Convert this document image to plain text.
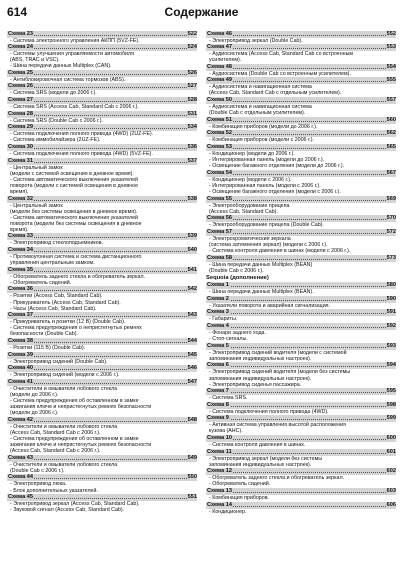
614	Содержание
Схема 23	522
- Система электронного управления АКПП (5VZ-FE).
Схема 24	524
- Системы улучшения управляемости автомобиля
(ABS, TRAC и VSC).
- Шина передачи данных Multiplex (CAN).
Схема 25	526
- Антиблокировочная система тормозов (ABS).
Схема 26	527
- Система SRS (модели до 2006 г.).
Схема 27	528
- Система SRS (Access Cab, Standard Cab с 2006 г.).
Схема 28	531
- Система SRS (Double Cab с 2006 г.).
Схема 29	534
- Система подключения полного привода (4WD) (2UZ-FE).
- Система иммобилайзера (2UZ-FE).
Схема 30	536
- Система подключения полного привода (4WD) (5VZ-FE).
Схема 31	537
- Центральный замок
(модели с системой освещения в дневное время).
- Система автоматического выключения указателей
поворота (модели с системой освещения в дневное
время).
Схема 32	538
- Центральный замок
(модели без системы освещения в дневное время).
- Система автоматического выключения указателей
поворота (модели без системы освещения в дневное
время).
Схема 33	539
- Электропривод стеклоподъемников.
Схема 34	540
- Противоугонная система и система дистанционного
управления центральным замком.
Схема 35	541
- Обогреватель заднего стекла и обогреватель зеркал.
- Обогреватель сидений.
Схема 36	542
- Розетки (Access Cab, Standard Cab).
- Прикуриватель (Access Cab, Standard Cab).
- Часы (Access Cab, Standard Cab).
Схема 37	543
- Прикуриватель и розетки (12 В) (Double Cab).
- Система предупреждения о непристегнутых ремнях
безопасности (Double Cab).
Схема 38	544
- Розетки (115 В) (Double Cab).
Схема 39	545
- Электропривод сидений (Double Cab).
Схема 40	546
- Электропривод сидений (модели с 2006 г.).
Схема 41	547
- Очистители и омыватели лобового стекла
(модели до 2006 г.).
- Система предупреждения об оставленном в замке
зажигания ключе и непристегнутых ремнях безопасности
(модели до 2006 г.).
Схема 42	548
- Очистители и омыватели лобового стекла
(Access Cab, Standard Cab с 2006 г.).
- Система предупреждения об оставленном в замке
зажигания ключе и непристегнутых ремнях безопасности
(Access Cab, Standard Cab с 2006 г.).
Схема 43	549
- Очистители и омыватели лобового стекла
(Double Cab с 2006 г.).
Схема 44	550
- Электропривод люка.
- Блок дополнительных указателей.
Схема 45	551
- Электропривод зеркал (Access Cab, Standard Cab).
- Звуковой сигнал (Access Cab, Standard Cab).
Схема 46	552
- Электропривод зеркал (Double Cab).
Схема 47	553
- Аудиосистема (Access Cab, Standard Cab со встроенным
усилителем).
Схема 48	554
- Аудиосистема (Double Cab со встроенным усилителем).
Схема 49	555
- Аудиосистема и навигационная система
(Access Cab, Standard Cab с отдельным усилителем).
Схема 50	557
- Аудиосистема и навигационная система
(Double Cab с отдельным усилителем).
Схема 51	560
- Комбинация приборов (модели до 2006 г.).
Схема 52	562
- Комбинация приборов (модели с 2006 г.).
Схема 53	565
- Кондиционер (модели до 2006 г.).
- Интегрированная панель (модели до 2006 г.).
- Освещение багажного отделения (модели до 2006 г.).
Схема 54	567
- Кондиционер (модели с 2006 г.).
- Интегрированная панель (модели с 2006 г.).
- Освещение багажного отделения (модели с 2006 г.).
Схема 55	569
- Электрооборудование прицепа
(Access Cab, Standard Cab).
Схема 56	570
- Электрооборудование прицепа (Double Cab).
Схема 57	572
- Электрохроматические зеркала
(система затемнения зеркал) (модели с 2006 г.).
- Система контроля давления в шинах (модели с 2006 г.).
Схема 58	573
- Шина передачи данных Multiplex (BEAN)
(Double Cab с 2006 г.).
Sequoia (дополнение)
Схема 1	580
- Шина передачи данных Multiplex (BEAN).
Схема 2	590
- Указатели поворота и аварийная сигнализация.
Схема 3	591
- Габариты.
Схема 4	592
- Фонари заднего хода.
- Стоп-сигналы.
Схема 5	593
- Электропривод сидений водителя (модели с системой
запоминания индивидуальных настроек).
Схема 6	594
- Электропривод сидений водителя (модели без системы
запоминания индивидуальных настроек).
- Электропривод сиденья пассажира.
Схема 7	595
- Система SRS.
Схема 8	598
- Система подключения полного привода (4WD).
Схема 9	599
- Активная система управления высотой расположения
кузова (AHC).
Схема 10	600
- Система контроля давления в шинах.
Схема 11	601
- Электропривод зеркал (модели без системы
запоминания индивидуальных настроек).
Схема 12	602
- Обогреватель заднего стекла и обогреватель зеркал.
- Обогреватель сидений.
Схема 13	603
- Комбинация приборов.
Схема 14	606
- Кондиционер.
